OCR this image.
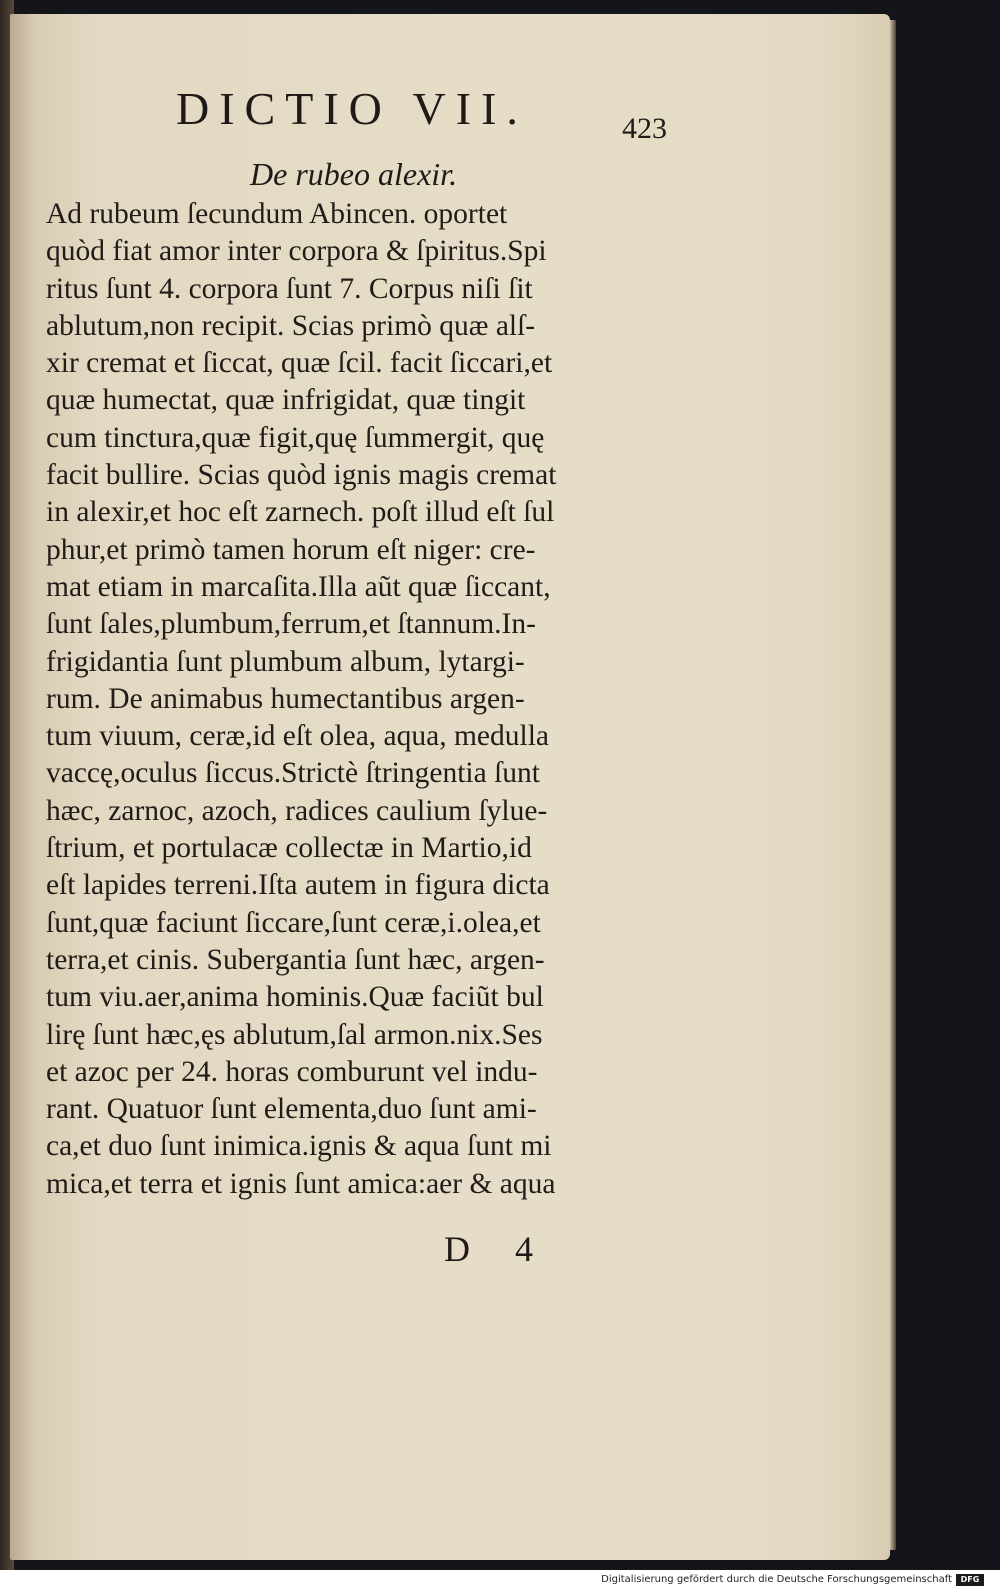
DICTIO VII.	423
De rubeo alexir.
Ad rubeum ſecundum Abincen. oportet
quòd fiat amor inter corpora & ſpiritus.Spi
ritus ſunt 4. corpora ſunt 7. Corpus niſi ſit
ablutum,non recipit. Scias primò quæ alſ-
xir cremat et ſiccat, quæ ſcil. facit ſiccari,et
quæ humectat, quæ infrigidat, quæ tingit
cum tinctura,quæ figit,quę ſummergit, quę
facit bullire. Scias quòd ignis magis cremat
in alexir,et hoc eſt zarnech. poſt illud eſt ſul
phur,et primò tamen horum eſt niger: cre-
mat etiam in marcaſita.Illa aũt quæ ſiccant,
ſunt ſales,plumbum,ferrum,et ſtannum.In-
frigidantia ſunt plumbum album, lytargi-
rum. De animabus humectantibus argen-
tum viuum, ceræ,id eſt olea, aqua, medulla
vaccę,oculus ſiccus.Strictè ſtringentia ſunt
hæc, zarnoc, azoch, radices caulium ſylue-
ſtrium, et portulacæ collectæ in Martio,id
eſt lapides terreni.Iſta autem in figura dicta
ſunt,quæ faciunt ſiccare,ſunt ceræ,i.olea,et
terra,et cinis. Subergantia ſunt hæc, argen-
tum viu.aer,anima hominis.Quæ faciũt bul
lirę ſunt hæc,ęs ablutum,ſal armon.nix.Ses
et azoc per 24. horas comburunt vel indu-
rant. Quatuor ſunt elementa,duo ſunt ami-
ca,et duo ſunt inimica.ignis & aqua ſunt mi
mica,et terra et ignis ſunt amica:aer & aqua
D 4
Digitalisierung gefördert durch die Deutsche Forschungsgemeinschaft	DFG
